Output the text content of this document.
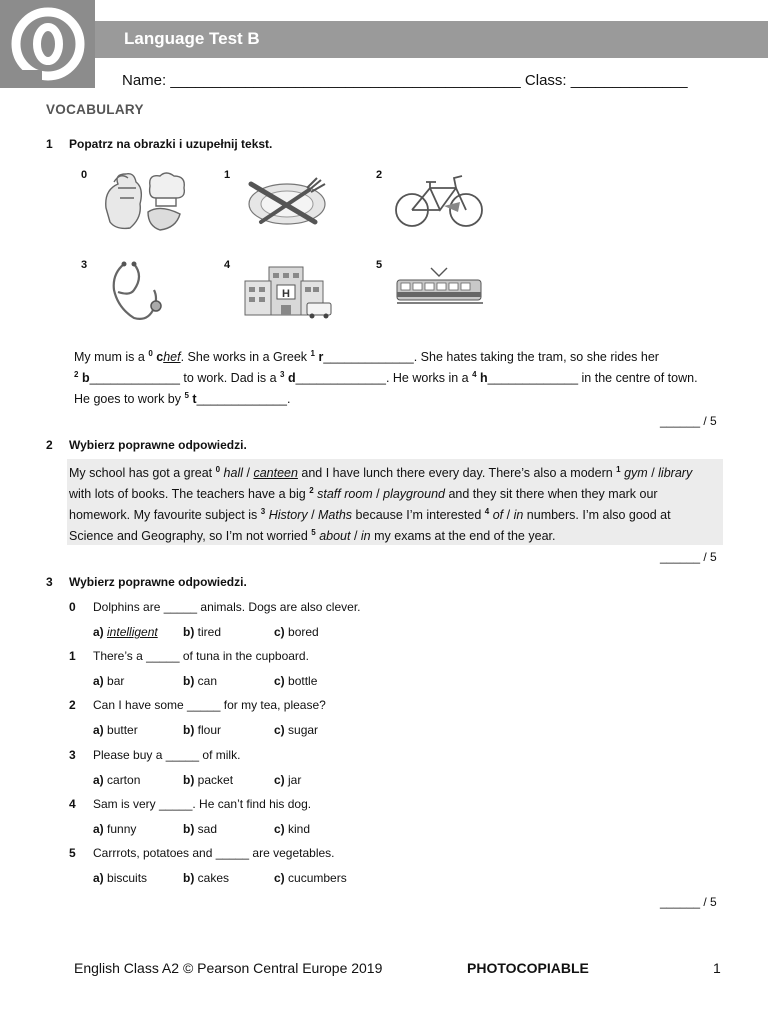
Language Test B
Name: __________________________________________ Class: ______________
VOCABULARY
1 Popatrz na obrazki i uzupełnij tekst.
0	1	2
3	4	5
H
My mum is a $^0$ chef. She works in a Greek $^1$ r_____________. She hates taking the tram, so she rides her
$^2$ b_____________ to work. Dad is a $^3$ d_____________. He works in a $^4$ h_____________ in the centre of town.
He goes to work by $^5$ t_____________.
______ / 5
2 Wybierz poprawne odpowiedzi.
My school has got a great $^0$ hall / canteen and I have lunch there every day. There’s also a modern $^1$ gym / library
with lots of books. The teachers have a big $^2$ staff room / playground and they sit there when they mark our
homework. My favourite subject is $^3$ History / Maths because I’m interested $^4$ of / in numbers. I’m also good at
Science and Geography, so I’m not worried $^5$ about / in my exams at the end of the year.
______ / 5
3 Wybierz poprawne odpowiedzi.
0 Dolphins are _____ animals. Dogs are also clever.
a) intelligent b) tired	c) bored
1 There’s a _____ of tuna in the cupboard.
a) bar	b) can	c) bottle
2 Can I have some _____ for my tea, please?
a) butter	b) flour	c) sugar
3 Please buy a _____ of milk.
a) carton	b) packet	c) jar
4 Sam is very _____. He can’t find his dog.
a) funny	b) sad	c) kind
5 Carrrots, potatoes and _____ are vegetables.
a) biscuits	b) cakes	c) cucumbers
______ / 5
English Class A2 © Pearson Central Europe 2019	PHOTOCOPIABLE	1
